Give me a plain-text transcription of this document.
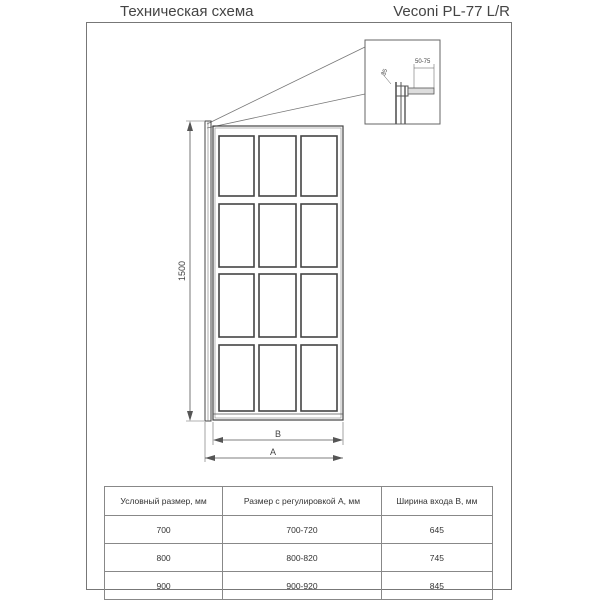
Техническая схема	Veconi PL-77 L/R
50-75
35
1500
B
A
Условный размер, мм	Размер с регулировкой А, мм	Ширина входа В, мм
700	700-720	645
800	800-820	745
900	900-920	845
